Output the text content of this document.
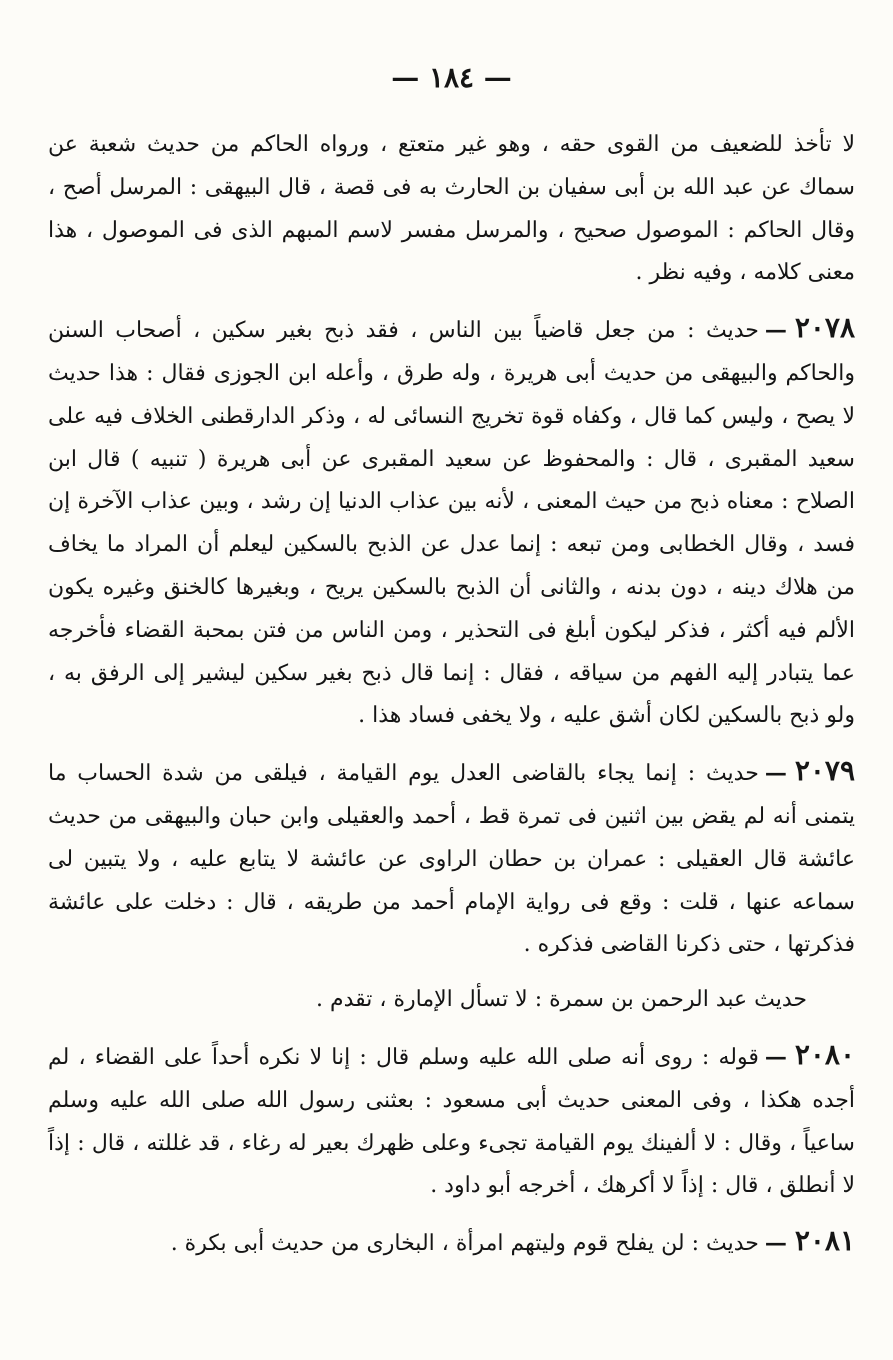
— ١٨٤ —

لا تأخذ للضعيف من القوى حقه ، وهو غير متعتع ، ورواه الحاكم من حديث شعبة عن سماك عن عبد الله بن أبى سفيان بن الحارث به فى قصة ، قال البيهقى : المرسل أصح ، وقال الحاكم : الموصول صحيح ، والمرسل مفسر لاسم المبهم الذى فى الموصول ، هذا معنى كلامه ، وفيه نظر .

٢٠٧٨—حديث : من جعل قاضياً بين الناس ، فقد ذبح بغير سكين ، أصحاب السنن والحاكم والبيهقى من حديث أبى هريرة ، وله طرق ، وأعله ابن الجوزى فقال : هذا حديث لا يصح ، وليس كما قال ، وكفاه قوة تخريج النسائى له ، وذكر الدارقطنى الخلاف فيه على سعيد المقبرى ، قال : والمحفوظ عن سعيد المقبرى عن أبى هريرة ( تنبيه ) قال ابن الصلاح : معناه ذبح من حيث المعنى ، لأنه بين عذاب الدنيا إن رشد ، وبين عذاب الآخرة إن فسد ، وقال الخطابى ومن تبعه : إنما عدل عن الذبح بالسكين ليعلم أن المراد ما يخاف من هلاك دينه ، دون بدنه ، والثانى أن الذبح بالسكين يريح ، وبغيرها كالخنق وغيره يكون الألم فيه أكثر ، فذكر ليكون أبلغ فى التحذير ، ومن الناس من فتن بمحبة القضاء فأخرجه عما يتبادر إليه الفهم من سياقه ، فقال : إنما قال ذبح بغير سكين ليشير إلى الرفق به ، ولو ذبح بالسكين لكان أشق عليه ، ولا يخفى فساد هذا .

٢٠٧٩—حديث : إنما يجاء بالقاضى العدل يوم القيامة ، فيلقى من شدة الحساب ما يتمنى أنه لم يقض بين اثنين فى تمرة قط ، أحمد والعقيلى وابن حبان والبيهقى من حديث عائشة قال العقيلى : عمران بن حطان الراوى عن عائشة لا يتابع عليه ، ولا يتبين لى سماعه عنها ، قلت : وقع فى رواية الإمام أحمد من طريقه ، قال : دخلت على عائشة فذكرتها ، حتى ذكرنا القاضى فذكره .

حديث عبد الرحمن بن سمرة : لا تسأل الإمارة ، تقدم .

٢٠٨٠—قوله : روى أنه صلى الله عليه وسلم قال : إنا لا نكره أحداً على القضاء ، لم أجده هكذا ، وفى المعنى حديث أبى مسعود : بعثنى رسول الله صلى الله عليه وسلم ساعياً ، وقال : لا ألفينك يوم القيامة تجىء وعلى ظهرك بعير له رغاء ، قد غللته ، قال : إذاً لا أنطلق ، قال : إذاً لا أكرهك ، أخرجه أبو داود .

٢٠٨١—حديث : لن يفلح قوم وليتهم امرأة ، البخارى من حديث أبى بكرة .
